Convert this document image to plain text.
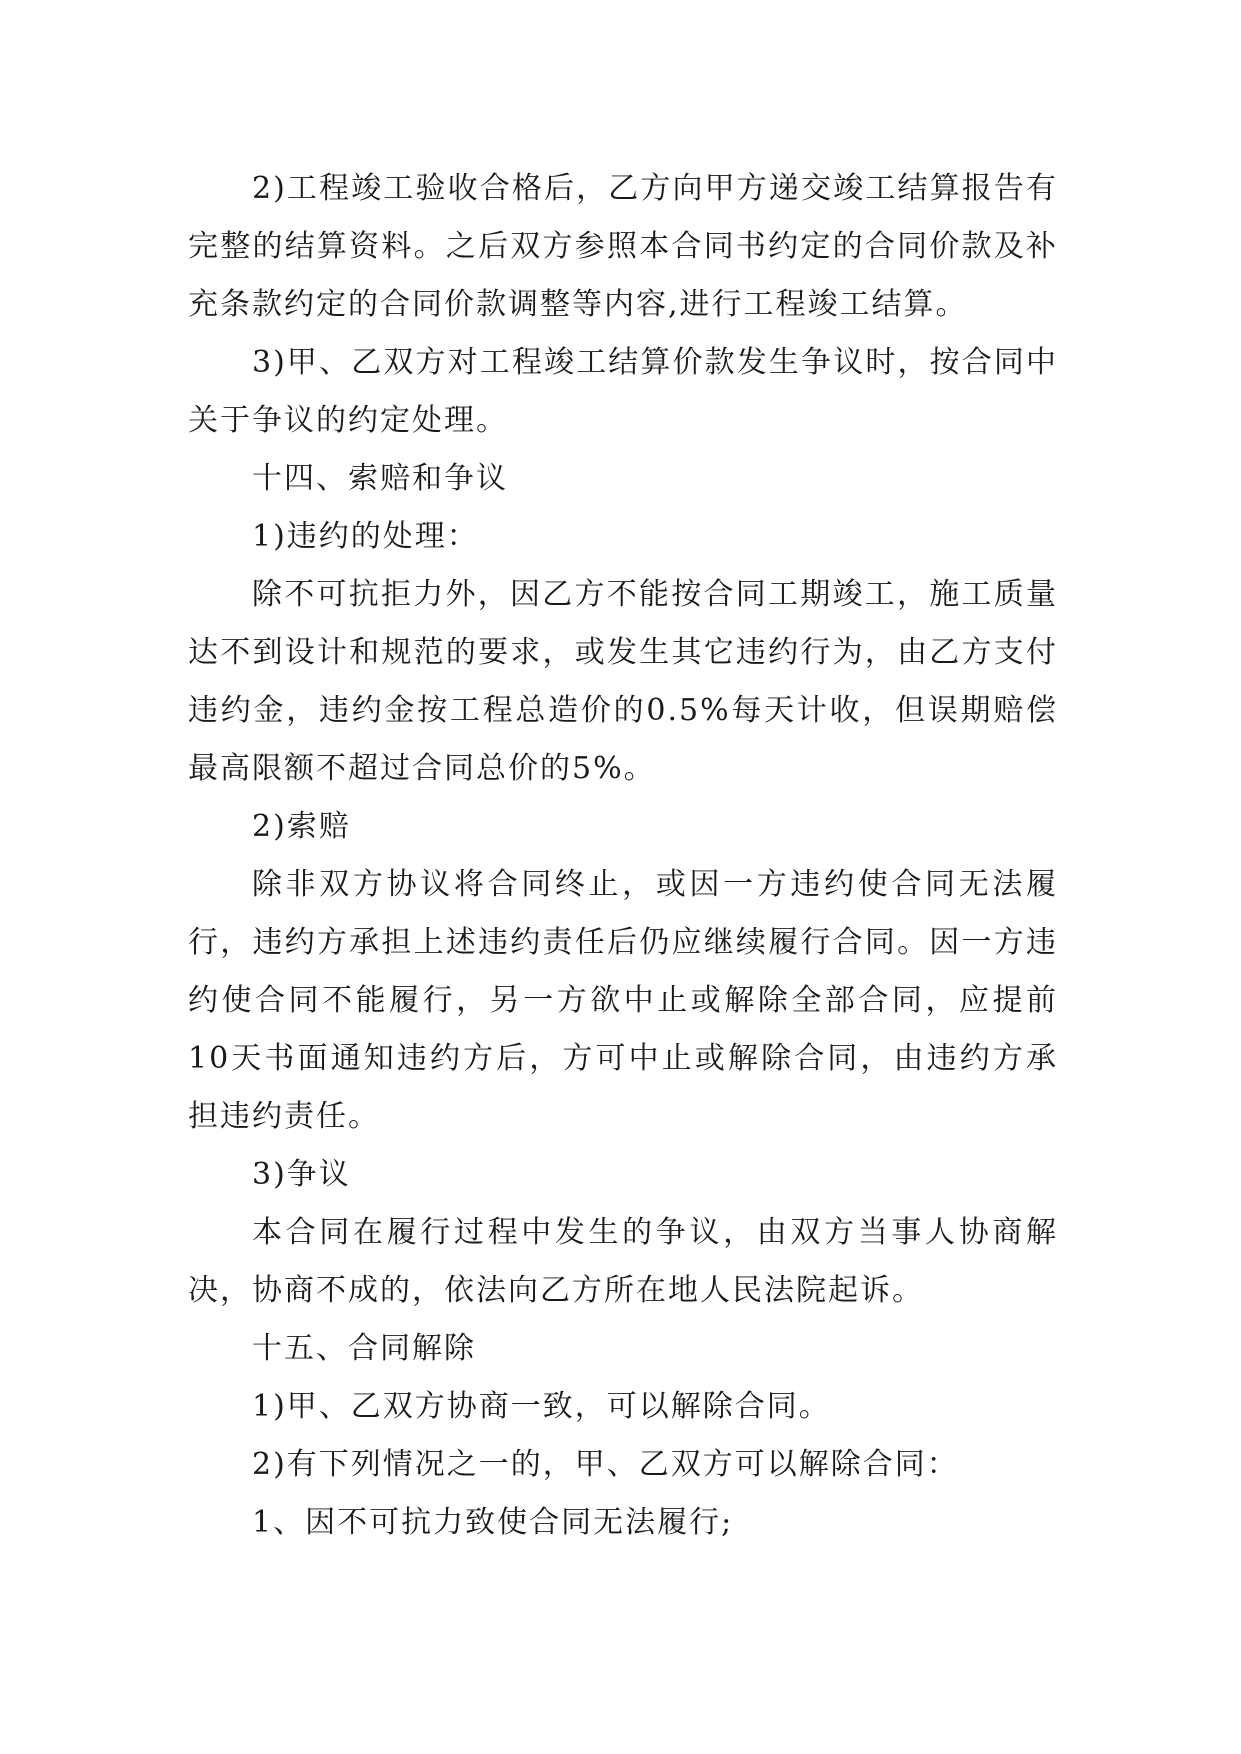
2)工程竣工验收合格后，乙方向甲方递交竣工结算报告有完整的结算资料。之后双方参照本合同书约定的合同价款及补充条款约定的合同价款调整等内容,进行工程竣工结算。

3)甲、乙双方对工程竣工结算价款发生争议时，按合同中关于争议的约定处理。

十四、索赔和争议

1)违约的处理：

除不可抗拒力外，因乙方不能按合同工期竣工，施工质量达不到设计和规范的要求，或发生其它违约行为，由乙方支付违约金，违约金按工程总造价的0.5%每天计收，但误期赔偿最高限额不超过合同总价的5%。

2)索赔

除非双方协议将合同终止，或因一方违约使合同无法履行，违约方承担上述违约责任后仍应继续履行合同。因一方违约使合同不能履行，另一方欲中止或解除全部合同，应提前10天书面通知违约方后，方可中止或解除合同，由违约方承担违约责任。

3)争议

本合同在履行过程中发生的争议，由双方当事人协商解决，协商不成的，依法向乙方所在地人民法院起诉。

十五、合同解除

1)甲、乙双方协商一致，可以解除合同。

2)有下列情况之一的，甲、乙双方可以解除合同：

1、因不可抗力致使合同无法履行;
